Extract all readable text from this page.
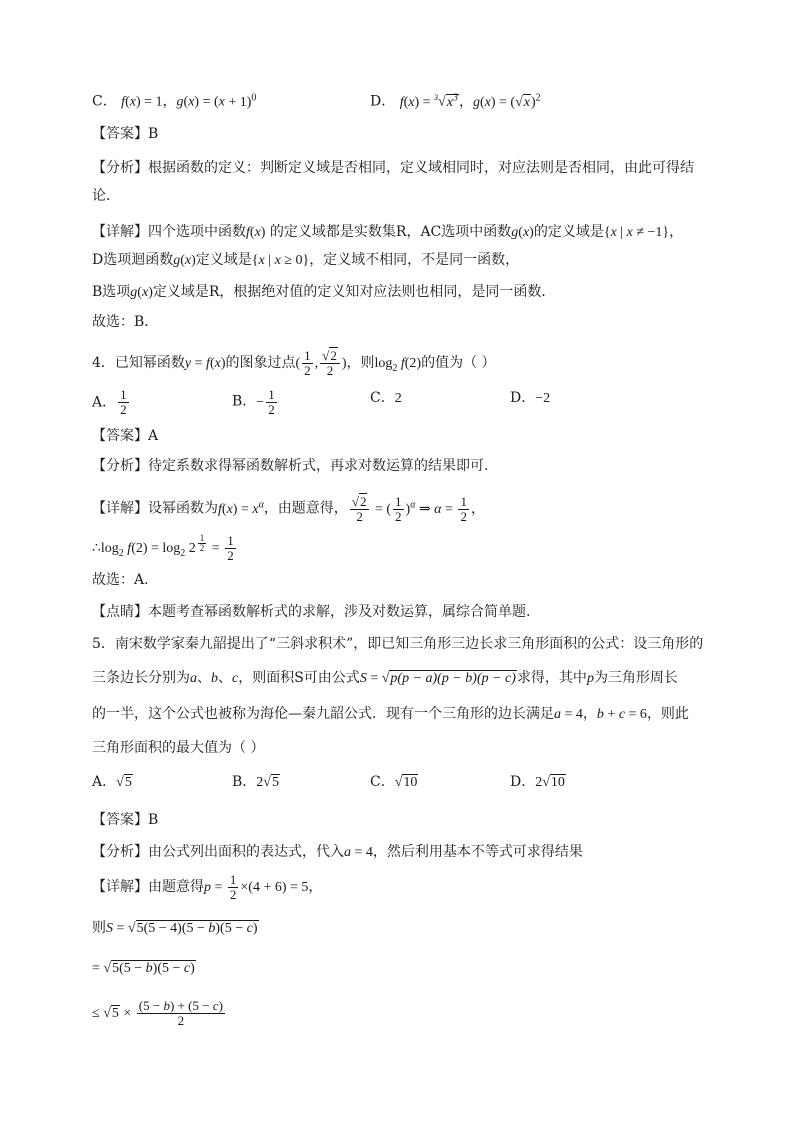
C． f(x) = 1，$g(x) = (x + 1)^0$	D． $f(x) = ^3√x^3$，$g(x) = (√x)^2$
【答案】B
【分析】根据函数的定义：判断定义域是否相同，定义域相同时，对应法则是否相同，由此可得结
论．
【详解】四个选项中函数f(x) 的定义域都是实数集R，AC选项中函数g(x)的定义域是{x | x ≠ −1}，
D选项迴函数g(x)定义域是{x | x ≥ 0}，定义域不相同，不是同一函数，
B选项g(x)定义域是R，根据绝对值的定义知对应法则也相同，是同一函数．
故选：B．
4．已知幂函数y = f(x)的图象过点( $\frac{1}{2}$ , $\frac{√2}{2}$ )，则$\log_2 f(2)$的值为（ ）
A． $\frac{1}{2}$	B．− $\frac{1}{2}$	C．2	D．−2
【答案】A
【分析】待定系数求得幂函数解析式，再求对数运算的结果即可.
【详解】设幂函数为$f(x) = x^\alpha$，由题意得， $\frac{√2}{2}$ = ( $\frac{1}{2} )^\alpha$ ⇒ $\alpha = \frac{1}{2}$ ，
$\therefore\log_2$ $f(2) = \log_2 2$ $^{\frac{1}{2}} = \frac{1}{2}$
故选：A．
【点睛】本题考查幂函数解析式的求解，涉及对数运算，属综合简单题.
5．南宋数学家秦九韶提出了“三斜求积术”，即已知三角形三边长求三角形面积的公式：设三角形的
三条边长分别为a、b、c，则面积S可由公式S = √p(p − a)(p − b)(p − c)求得，其中p为三角形周长
的一半，这个公式也被称为海伦—秦九韶公式．现有一个三角形的边长满足a = 4，b + c = 6，则此
三角形面积的最大值为（ ）
A．√5	B．2√5	C．√10	D．2√10
【答案】B
【分析】由公式列出面积的表达式，代入a = 4，然后利用基本不等式可求得结果
【详解】由题意得$p = \frac{1}{2} \times(4 + 6) = 5$，
则S = √5(5 − 4)(5 − b)(5 − c)
= √5(5 − b)(5 − c)
≤ $√5 \times \frac{(5 - b) + (5 - c)}{2}$
